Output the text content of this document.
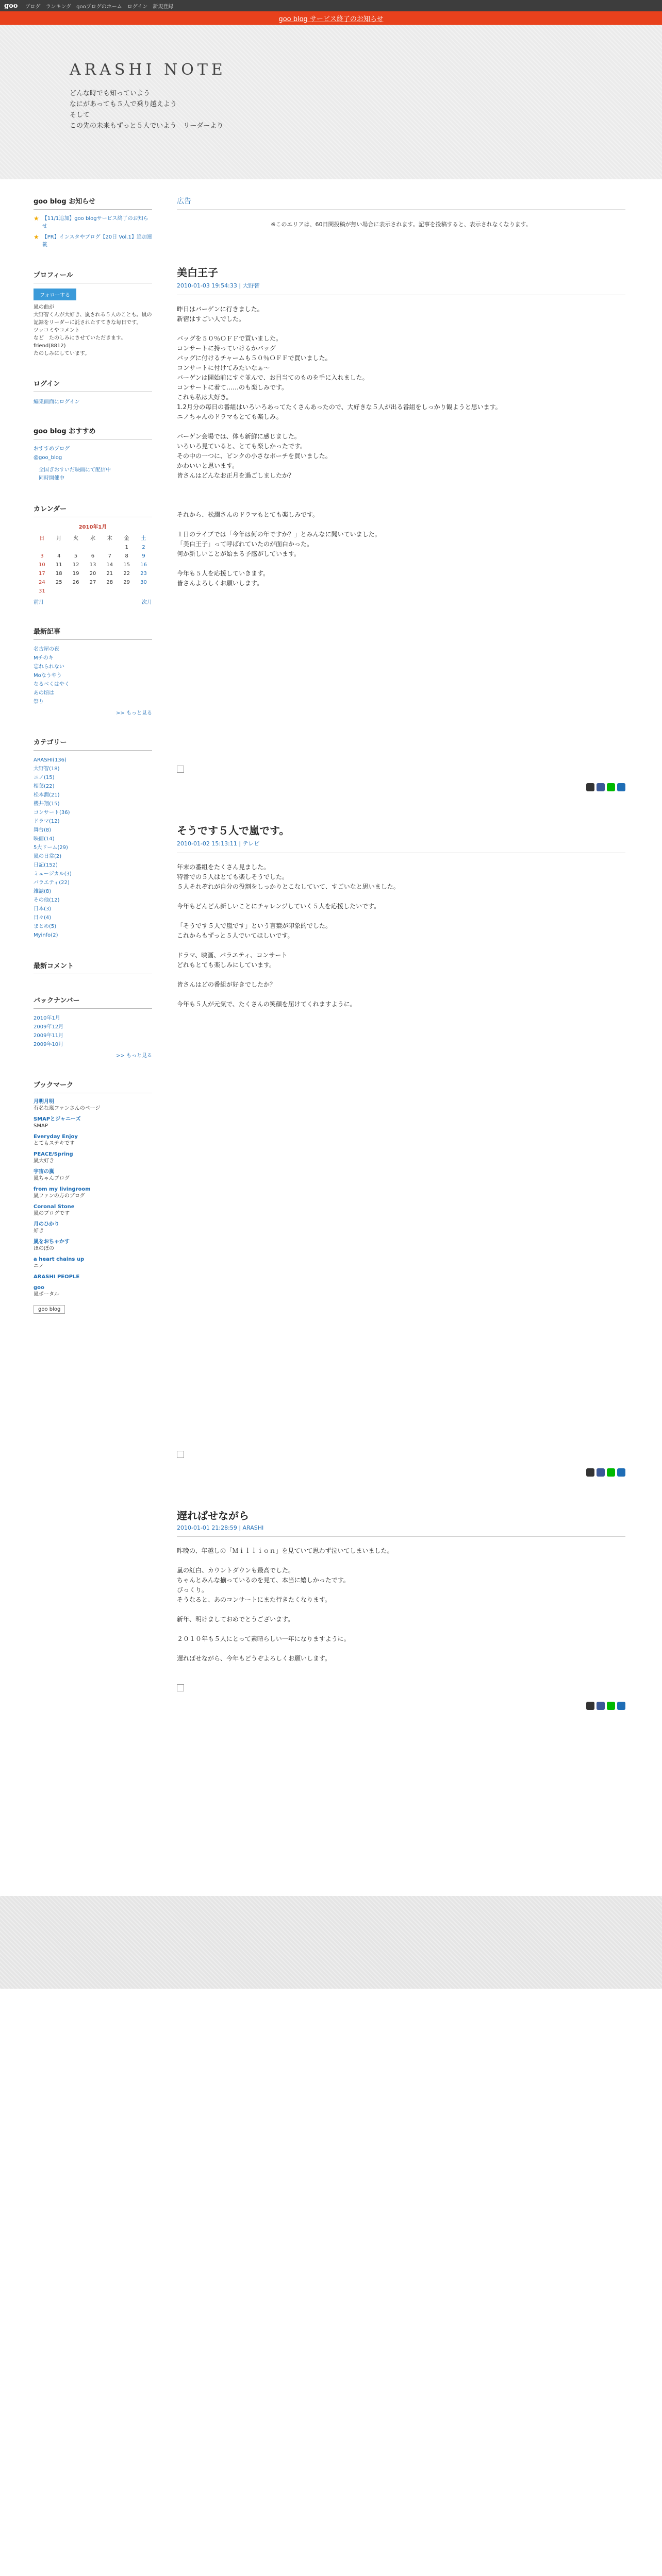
goo ブログ ランキング gooブログのホーム ログイン 新規登録
goo blog サービス終了のお知らせ
ARASHI NOTE
どんな時でも知っていよう
なにがあっても５人で乗り越えよう
そして
この先の未来もずっと５人でいよう　リーダーより
goo blog お知らせ
★ 【11/1追加】goo blogサービス終了のお知らせ
★ 【PR】インスタやブログ【20日 Vol.1】追加連載
プロフィール
フォローする
嵐の曲が
大野智くんが大好き、嵐される５人のことも。嵐の記録をリーダーに託されたすてきな毎日です。
ツッコミやコメント
など　たのしみにさせていただきます。
friend(8812)
たのしみにしています。
ログイン
編集画面にログイン
goo blog おすすめ
おすすめブログ
@goo_blog
　全国ぎおすいだ映画にて配信中
　同時開催中
カレンダー
2010年1月
日	月	火	水	木	金	土
					1	2
3	4	5	6	7	8	9
10	11	12	13	14	15	16
17	18	19	20	21	22	23
24	25	26	27	28	29	30
31						
前月	次月
最新記事
名古屋の夜
Mチのキ
忘れられない
Moなうやう
なるべくはやく
あの頃は
祭り
>> もっと見る
カテゴリー
ARASHI(136)
大野智(18)
ニノ(15)
相葉(22)
松本潤(21)
櫻井翔(15)
コンサート(36)
ドラマ(12)
舞台(8)
映画(14)
5大ドーム(29)
嵐の日常(2)
日記(152)
ミュージカル(3)
バラエティ(22)
雑誌(8)
その他(12)
日本(3)
日々(4)
まとめ(5)
Myinfo(2)
最新コメント
バックナンバー
2010年1月
2009年12月
2009年11月
2009年10月
>> もっと見る
ブックマーク
月明月明
有名な嵐ファンさんのページ
SMAPとジャニーズ
SMAP
Everyday Enjoy
とてもステキです
PEACE/Spring
嵐大好き
宇宙の嵐
嵐ちゃんブログ
from my livingroom
嵐ファンの方のブログ
Coronal Stone
嵐のブログです
月のひかり
好き
嵐をおちゃかす
ほのぼの
a heart chains up
ニノ
ARASHI PEOPLE
goo
嵐ポータル
goo blog
広告
※このエリアは、60日間投稿が無い場合に表示されます。記事を投稿すると、表示されなくなります。
美白王子
2010-01-03 19:54:33 | 大野智
昨日はバーゲンに行きました。
新宿はすごい人でした。

バッグを５０％ＯＦＦで買いました。
コンサートに持っていけるかバッグ
バッグに付けるチャームも５０％ＯＦＦで買いました。
コンサートに付けてみたいなぁ～
バーゲンは開始前にすぐ並んで、お目当てのものを手に入れました。
コンサートに着て……のも楽しみです。
これも私は大好き。
1.2月分の毎日の番組はいろいろあってたくさんあったので、大好きな５人が出る番組をしっかり観ようと思います。
ニノちゃんのドラマもとても楽しみ。

バーゲン会場では、体も新鮮に感じました。
いろいろ見ていると、とても楽しかったです。
その中の一つに、ピンクの小さなポーチを買いました。
かわいいと思います。
皆さんはどんなお正月を過ごしましたか？

それから、松潤さんのドラマもとても楽しみです。

１日のライブでは「今年は何の年ですか？」とみんなに聞いていました。
「美白王子」って呼ばれていたのが面白かった。
何か新しいことが始まる予感がしています。

今年も５人を応援していきます。
皆さんよろしくお願いします。

そうです５人で嵐です。
2010-01-02 15:13:11 | テレビ
年末の番組をたくさん見ました。
特番での５人はとても楽しそうでした。
５人それぞれが自分の役割をしっかりとこなしていて、すごいなと思いました。

今年もどんどん新しいことにチャレンジしていく５人を応援したいです。

「そうです５人で嵐です」という言葉が印象的でした。
これからもずっと５人でいてほしいです。

ドラマ、映画、バラエティ、コンサート
どれもとても楽しみにしています。

皆さんはどの番組が好きでしたか？

今年も５人が元気で、たくさんの笑顔を届けてくれますように。

遅ればせながら
2010-01-01 21:28:59 | ARASHI
昨晩の、年越しの「Ｍｉｌｌｉｏｎ」を見ていて思わず泣いてしまいました。

嵐の紅白、カウントダウンも最高でした。
ちゃんとみんな揃っているのを見て、本当に嬉しかったです。
びっくり。
そうなると、あのコンサートにまた行きたくなります。

新年、明けましておめでとうございます。

２０１０年も５人にとって素晴らしい一年になりますように。

遅ればせながら、今年もどうぞよろしくお願いします。
